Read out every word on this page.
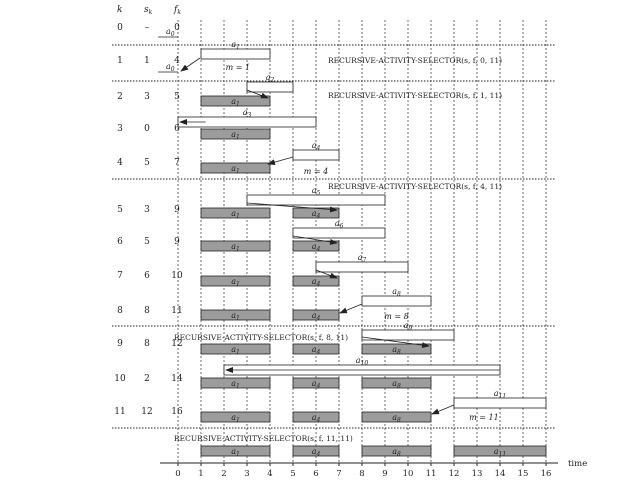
0 1 2 3 4 5 6 7 8 9 10 11 12 13 14 15 16
time
k $s_k$ $f_k$
0 –	0
1 1	4
2 3	5
3 0	6
4 5	7
5 3	9
6 5	9
7 6 10
8 8 11
9 8 12
10 2 14
11 12 16
$a_0$
$a_1$
$a_0$	m = 1
RECURSIVE-ACTIVITY-SELECTOR(s, f, 0, 11)
$a_2$
$a_1$
RECURSIVE-ACTIVITY-SELECTOR(s, f, 1, 11)
$a_3$
$a_1$
$a_4$
$a_1$	m = 4
RECURSIVE-ACTIVITY-SELECTOR(s, f, 4, 11)
$a_5$
$a_1$	$a_4$
$a_6$
$a_1$	$a_4$
$a_7$
$a_1$	$a_4$
$a_8$
$a_1$	$a_4$	m = 8
RECURSIVE-ACTIVITY-SELECTOR(s, f, 8, 11)
$a_9$
$a_1$	$a_4$	$a_8$
$a_{10}$
$a_1$	$a_4$	$a_8$
$a_{11}$
$a_1$	$a_4$	$a_8$	m = 11
RECURSIVE-ACTIVITY-SELECTOR(s, f, 11, 11)
$a_1$	$a_4$	$a_8$	$a_{11}$
